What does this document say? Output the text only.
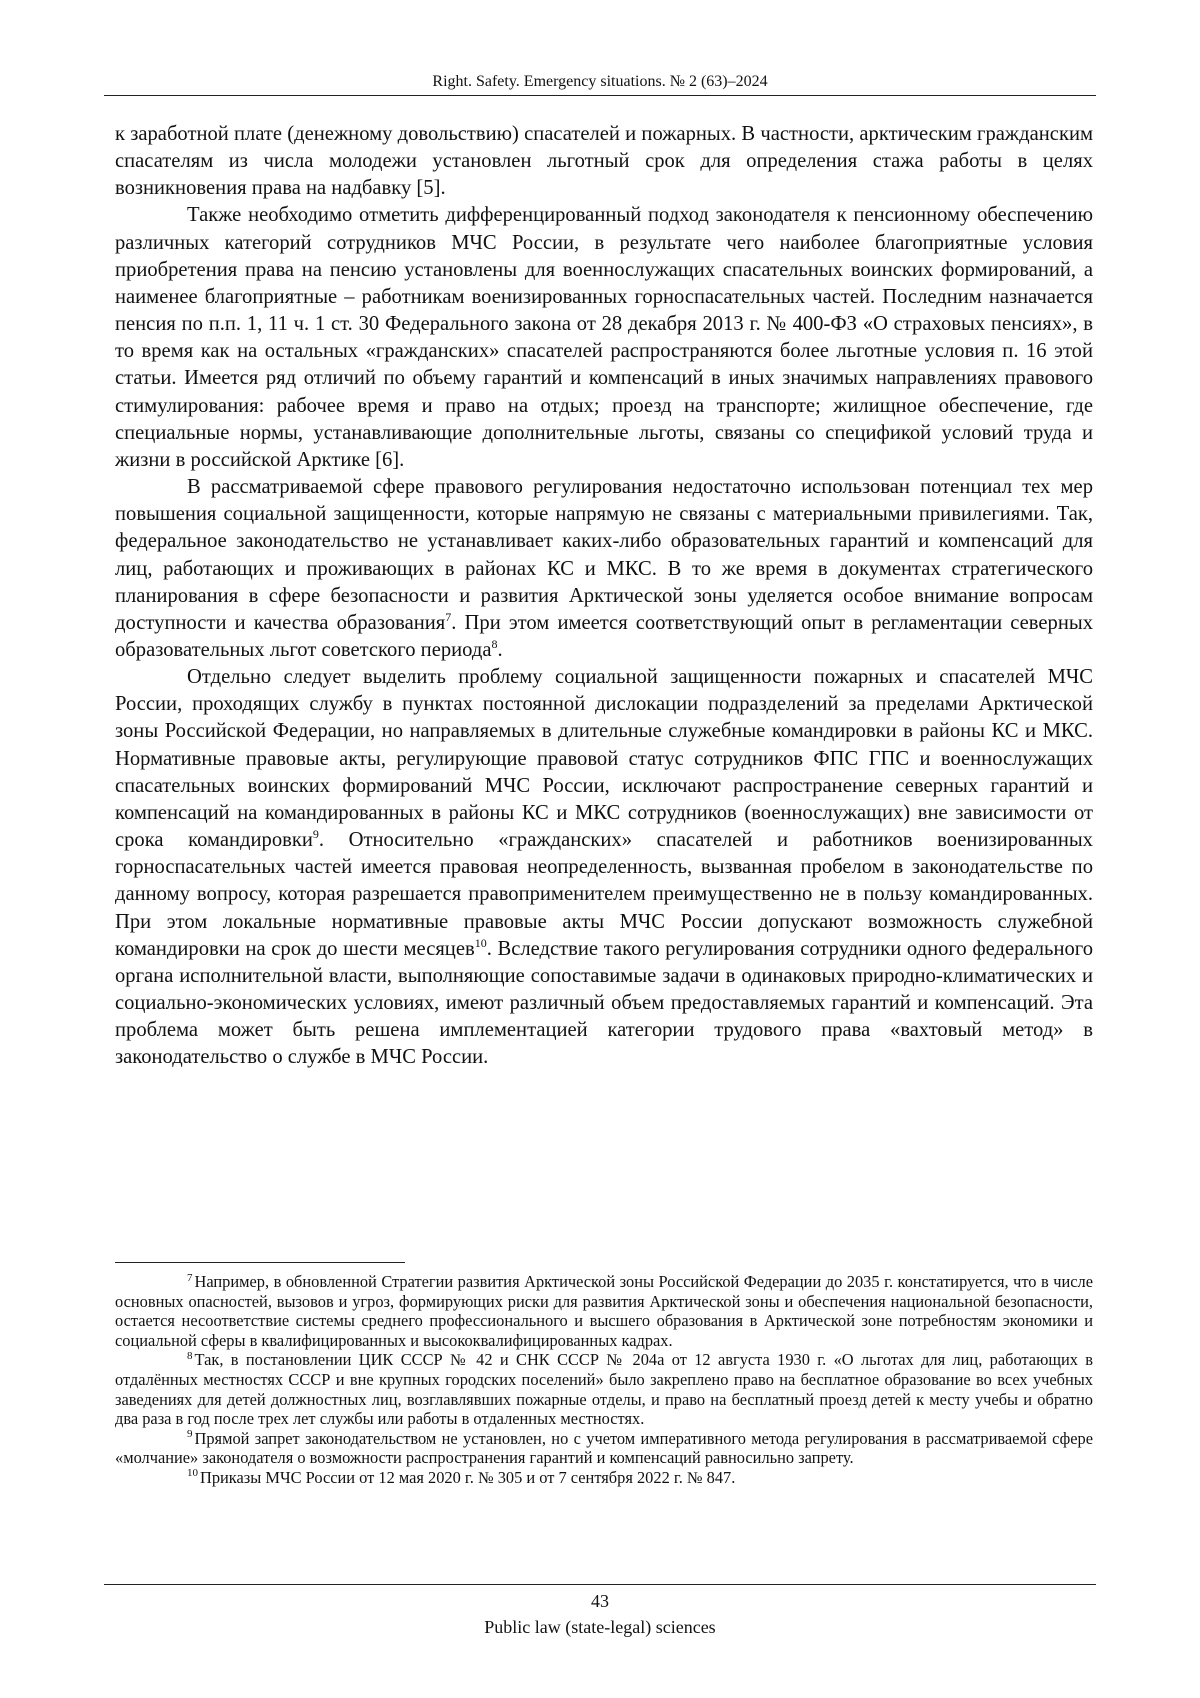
Right. Safety. Emergency situations. № 2 (63)–2024

к заработной плате (денежному довольствию) спасателей и пожарных. В частности, арктическим гражданским спасателям из числа молодежи установлен льготный срок для определения стажа работы в целях возникновения права на надбавку [5].

Также необходимо отметить дифференцированный подход законодателя к пенсионному обеспечению различных категорий сотрудников МЧС России, в результате чего наиболее благоприятные условия приобретения права на пенсию установлены для военнослужащих спасательных воинских формирований, а наименее благоприятные – работникам военизированных горноспасательных частей. Последним назначается пенсия по п.п. 1, 11 ч. 1 ст. 30 Федерального закона от 28 декабря 2013 г. № 400-ФЗ «О страховых пенсиях», в то время как на остальных «гражданских» спасателей распространяются более льготные условия п. 16 этой статьи. Имеется ряд отличий по объему гарантий и компенсаций в иных значимых направлениях правового стимулирования: рабочее время и право на отдых; проезд на транспорте; жилищное обеспечение, где специальные нормы, устанавливающие дополнительные льготы, связаны со спецификой условий труда и жизни в российской Арктике [6].

В рассматриваемой сфере правового регулирования недостаточно использован потенциал тех мер повышения социальной защищенности, которые напрямую не связаны с материальными привилегиями. Так, федеральное законодательство не устанавливает каких-либо образовательных гарантий и компенсаций для лиц, работающих и проживающих в районах КС и МКС. В то же время в документах стратегического планирования в сфере безопасности и развития Арктической зоны уделяется особое внимание вопросам доступности и качества образования$^7$. При этом имеется соответствующий опыт в регламентации северных образовательных льгот советского периода$^8$.

Отдельно следует выделить проблему социальной защищенности пожарных и спасателей МЧС России, проходящих службу в пунктах постоянной дислокации подразделений за пределами Арктической зоны Российской Федерации, но направляемых в длительные служебные командировки в районы КС и МКС. Нормативные правовые акты, регулирующие правовой статус сотрудников ФПС ГПС и военнослужащих спасательных воинских формирований МЧС России, исключают распространение северных гарантий и компенсаций на командированных в районы КС и МКС сотрудников (военнослужащих) вне зависимости от срока командировки$^9$. Относительно «гражданских» спасателей и работников военизированных горноспасательных частей имеется правовая неопределенность, вызванная пробелом в законодательстве по данному вопросу, которая разрешается правоприменителем преимущественно не в пользу командированных. При этом локальные нормативные правовые акты МЧС России допускают возможность служебной командировки на срок до шести месяцев$^{10}$. Вследствие такого регулирования сотрудники одного федерального органа исполнительной власти, выполняющие сопоставимые задачи в одинаковых природно-климатических и социально-экономических условиях, имеют различный объем предоставляемых гарантий и компенсаций. Эта проблема может быть решена имплементацией категории трудового права «вахтовый метод» в законодательство о службе в МЧС России.

$^7$ Например, в обновленной Стратегии развития Арктической зоны Российской Федерации до 2035 г. констатируется, что в числе основных опасностей, вызовов и угроз, формирующих риски для развития Арктической зоны и обеспечения национальной безопасности, остается несоответствие системы среднего профессионального и высшего образования в Арктической зоне потребностям экономики и социальной сферы в квалифицированных и высококвалифицированных кадрах.

$^8$ Так, в постановлении ЦИК СССР № 42 и СНК СССР № 204а от 12 августа 1930 г. «О льготах для лиц, работающих в отдалённых местностях СССР и вне крупных городских поселений» было закреплено право на бесплатное образование во всех учебных заведениях для детей должностных лиц, возглавлявших пожарные отделы, и право на бесплатный проезд детей к месту учебы и обратно два раза в год после трех лет службы или работы в отдаленных местностях.

$^9$ Прямой запрет законодательством не установлен, но с учетом императивного метода регулирования в рассматриваемой сфере «молчание» законодателя о возможности распространения гарантий и компенсаций равносильно запрету.

$^{10}$ Приказы МЧС России от 12 мая 2020 г. № 305 и от 7 сентября 2022 г. № 847.

43
Public law (state-legal) sciences
